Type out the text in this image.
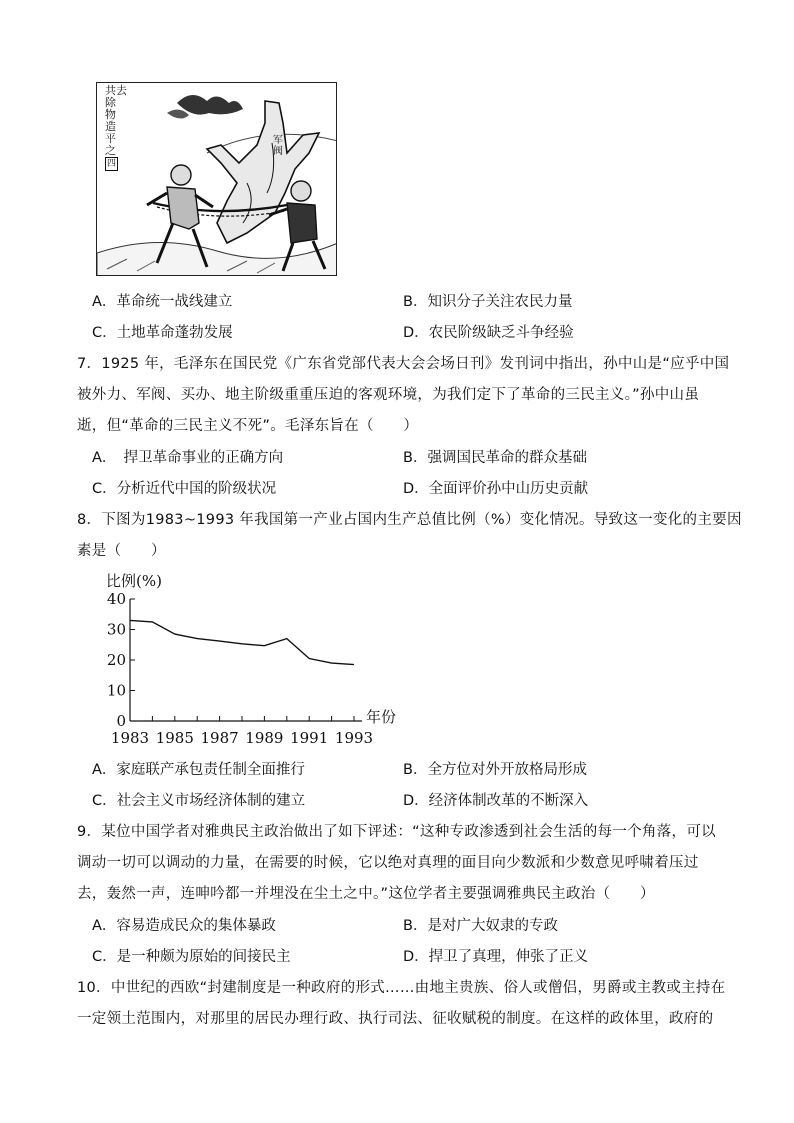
共去
除
物
造
平
之
四
军阀
A．革命统一战线建立	B．知识分子关注农民力量
C．土地革命蓬勃发展	D．农民阶级缺乏斗争经验
7．1925 年，毛泽东在国民党《广东省党部代表大会会场日刊》发刊词中指出，孙中山是“应乎中国
被外力、军阀、买办、地主阶级重重压迫的客观环境，为我们定下了革命的三民主义。”孙中山虽
逝，但“革命的三民主义不死”。毛泽东旨在（　　）
A．　捍卫革命事业的正确方向	B．强调国民革命的群众基础
C．分析近代中国的阶级状况	D．全面评价孙中山历史贡献
8．下图为1983~1993 年我国第一产业占国内生产总值比例（%）变化情况。导致这一变化的主要因
素是（　　）
比例(%)
0
10
20
30
40
1983 1985 1987 1989 1991 1993
年份
A．家庭联产承包责任制全面推行	B．全方位对外开放格局形成
C．社会主义市场经济体制的建立	D．经济体制改革的不断深入
9．某位中国学者对雅典民主政治做出了如下评述：“这种专政渗透到社会生活的每一个角落，可以
调动一切可以调动的力量，在需要的时候，它以绝对真理的面目向少数派和少数意见呼啸着压过
去，轰然一声，连呻吟都一并埋没在尘土之中。”这位学者主要强调雅典民主政治（　　）
A．容易造成民众的集体暴政	B．是对广大奴隶的专政
C．是一种颇为原始的间接民主	D．捍卫了真理，伸张了正义
10．中世纪的西欧“封建制度是一种政府的形式……由地主贵族、俗人或僧侣，男爵或主教或主持在
一定领土范围内，对那里的居民办理行政、执行司法、征收赋税的制度。在这样的政体里，政府的
